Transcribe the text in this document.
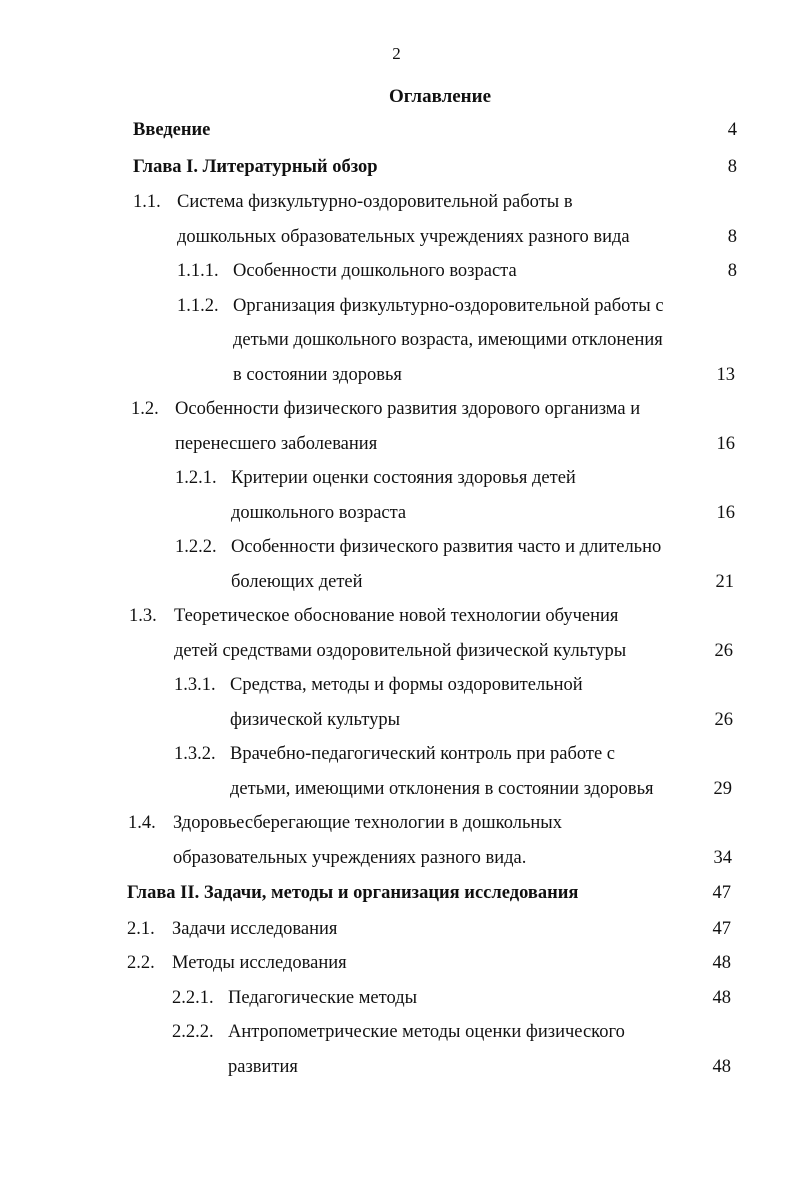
2
Оглавление
Введение	4
Глава I. Литературный обзор	8
1.1. Система физкультурно-оздоровительной работы в
дошкольных образовательных учреждениях разного вида	8
1.1.1. Особенности дошкольного возраста	8
1.1.2. Организация физкультурно-оздоровительной работы с
детьми дошкольного возраста, имеющими отклонения
в состоянии здоровья	13
1.2. Особенности физического развития здорового организма и
перенесшего заболевания	16
1.2.1. Критерии оценки состояния здоровья детей
дошкольного возраста	16
1.2.2. Особенности физического развития часто и длительно
болеющих детей	21
1.3. Теоретическое обоснование новой технологии обучения
детей средствами оздоровительной физической культуры	26
1.3.1. Средства, методы и формы оздоровительной
физической культуры	26
1.3.2. Врачебно-педагогический контроль при работе с
детьми, имеющими отклонения в состоянии здоровья	29
1.4. Здоровьесберегающие технологии в дошкольных
образовательных учреждениях разного вида.	34
Глава II. Задачи, методы и организация исследования	47
2.1. Задачи исследования	47
2.2. Методы исследования	48
2.2.1. Педагогические методы	48
2.2.2. Антропометрические методы оценки физического
развития	48
